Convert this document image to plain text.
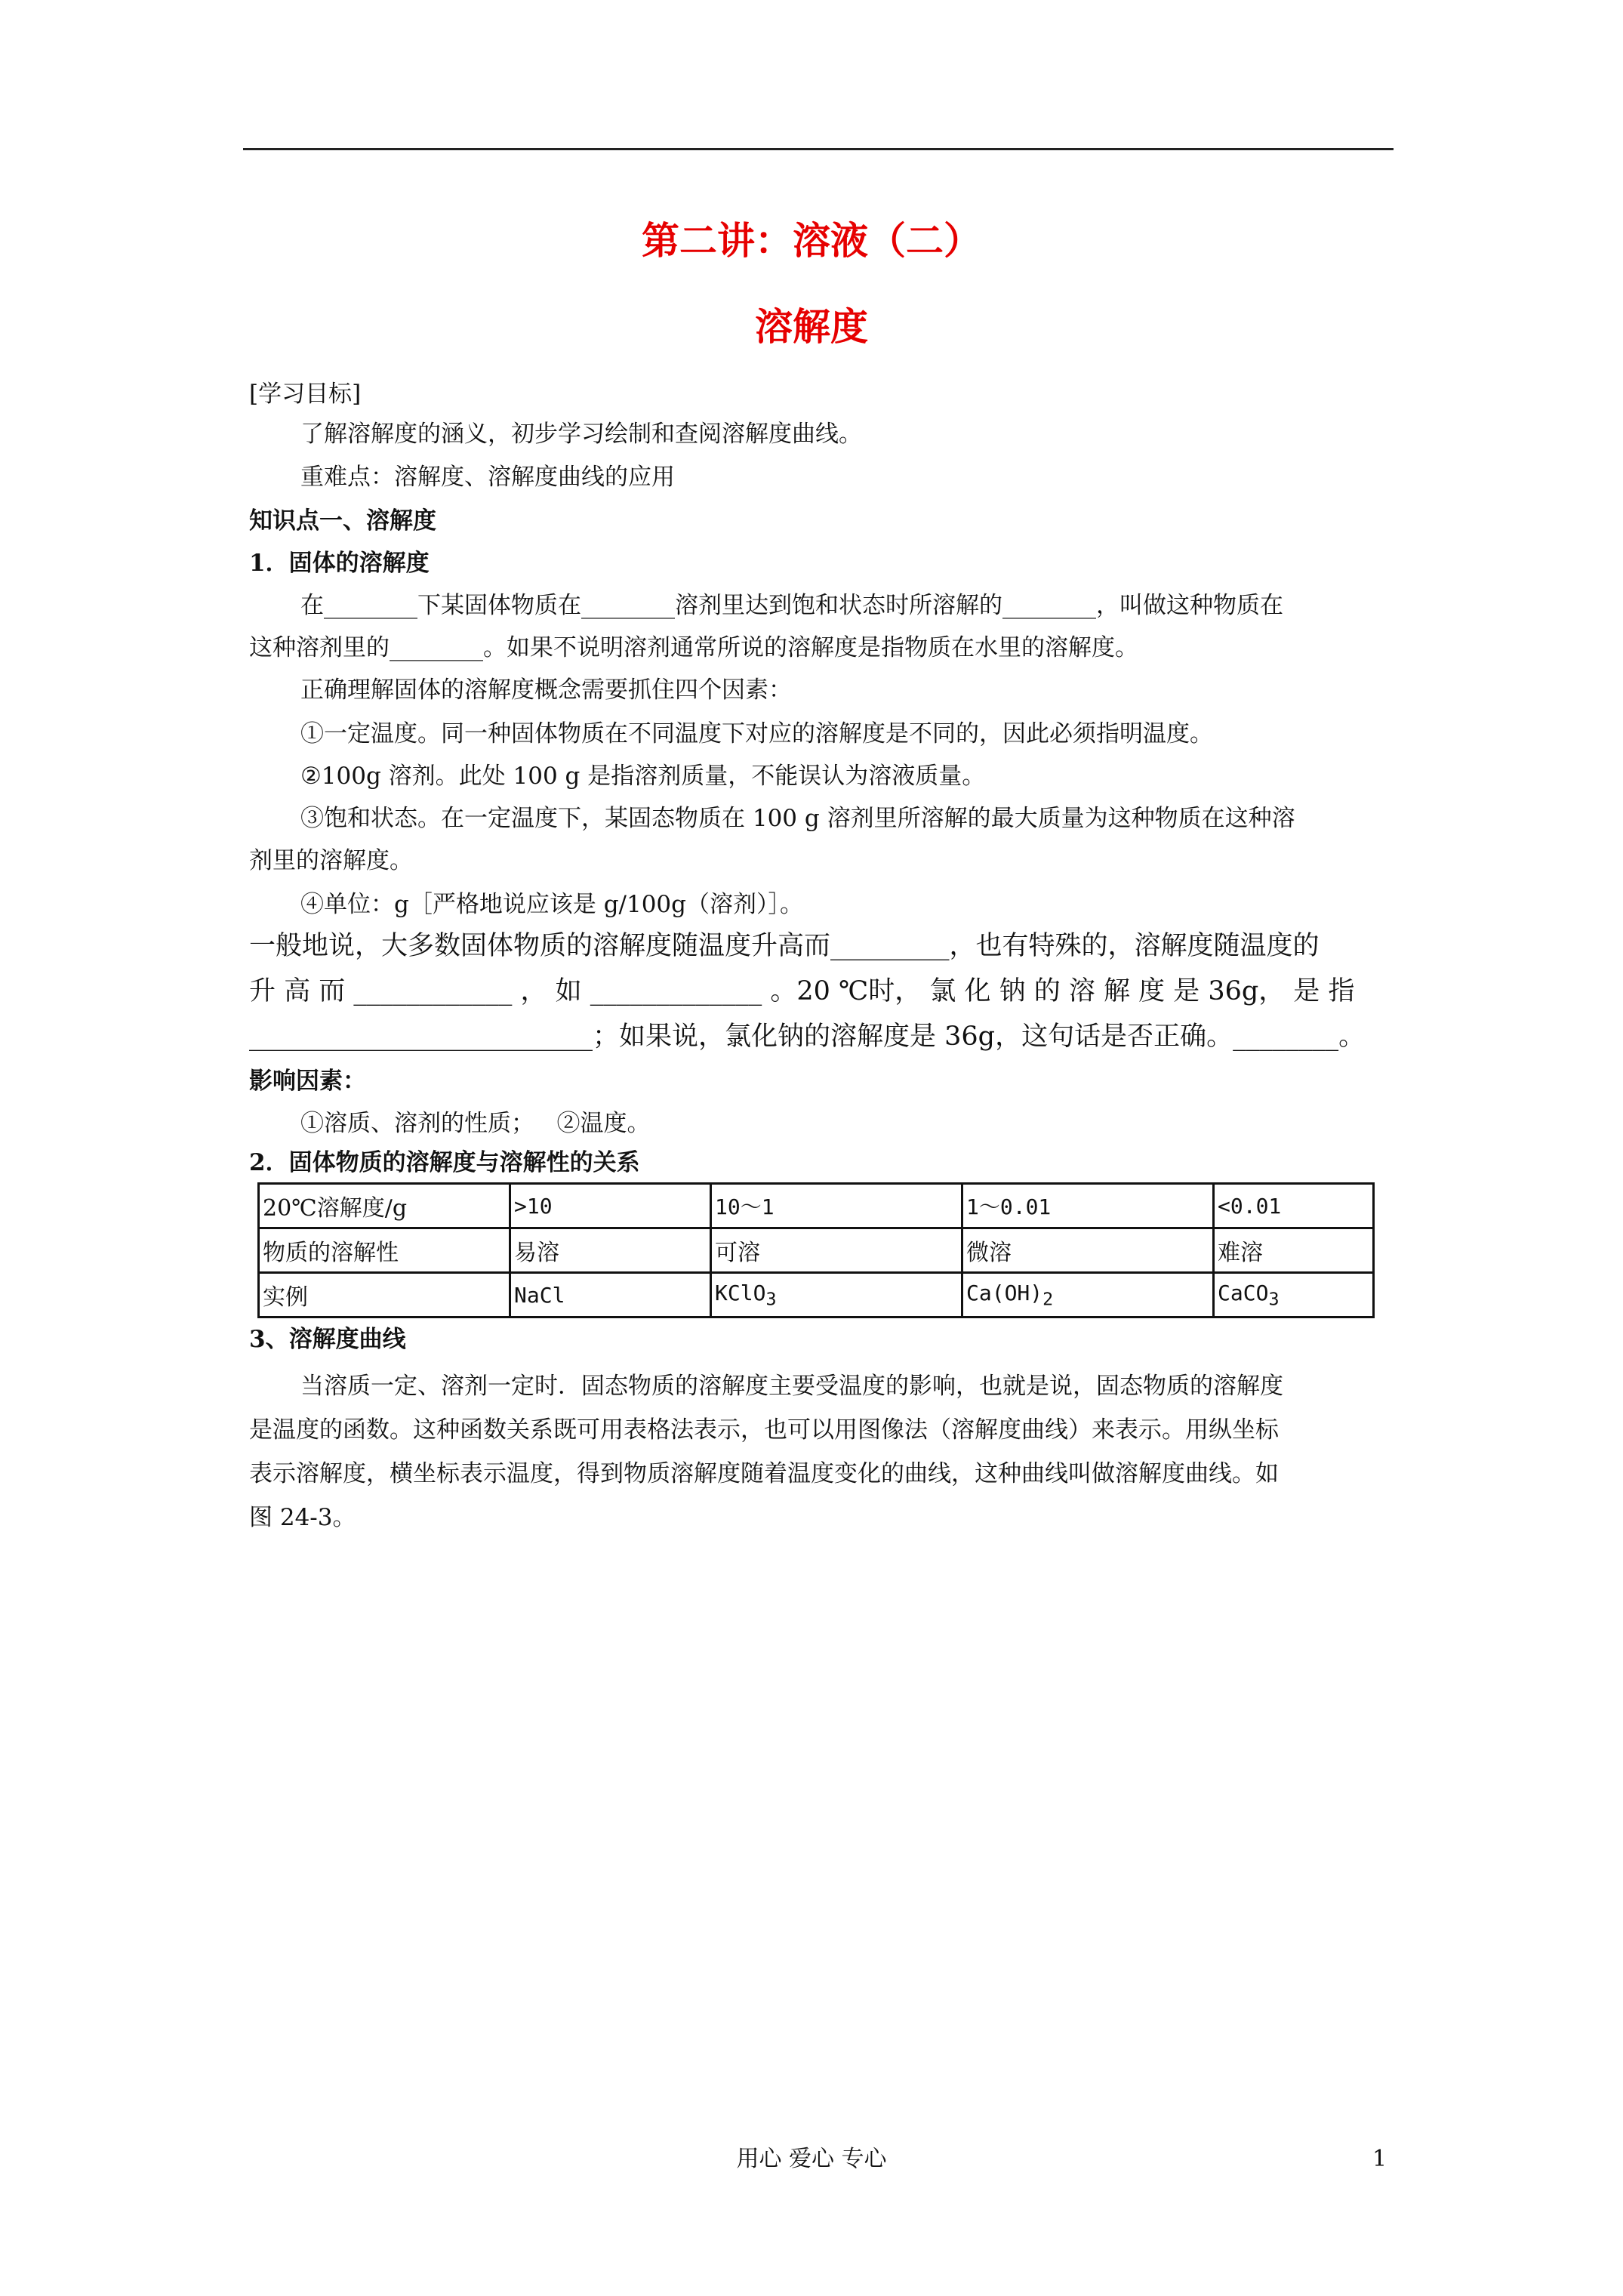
第二讲：溶液（二）
溶解度
[学习目标]
了解溶解度的涵义，初步学习绘制和查阅溶解度曲线。
重难点：溶解度、溶解度曲线的应用
知识点一、溶解度
1．固体的溶解度
在________下某固体物质在________溶剂里达到饱和状态时所溶解的________，叫做这种物质在
这种溶剂里的________。如果不说明溶剂通常所说的溶解度是指物质在水里的溶解度。
正确理解固体的溶解度概念需要抓住四个因素：
①一定温度。同一种固体物质在不同温度下对应的溶解度是不同的，因此必须指明温度。
②100g 溶剂。此处 100 g 是指溶剂质量，不能误认为溶液质量。
③饱和状态。在一定温度下，某固态物质在 100 g 溶剂里所溶解的最大质量为这种物质在这种溶
剂里的溶解度。
④单位：g［严格地说应该是 g/100g（溶剂）］。
一般地说，大多数固体物质的溶解度随温度升高而_________，也有特殊的，溶解度随温度的
升 高 而 ____________ ， 如 _____________ 。20 ℃时， 氯 化 钠 的 溶 解 度 是 36g， 是 指
__________________________；如果说，氯化钠的溶解度是 36g，这句话是否正确。________。
影响因素：
①溶质、溶剂的性质；   ②温度。
2．固体物质的溶解度与溶解性的关系
20℃溶解度/g	>10	10～1	1～0.01	<0.01
物质的溶解性	易溶	可溶	微溶	难溶
实例	NaCl	KClO$_3$	$Ca(OH)_2$	CaCO$_3$
3、溶解度曲线
当溶质一定、溶剂一定时．固态物质的溶解度主要受温度的影响，也就是说，固态物质的溶解度
是温度的函数。这种函数关系既可用表格法表示，也可以用图像法（溶解度曲线）来表示。用纵坐标
表示溶解度，横坐标表示温度，得到物质溶解度随着温度变化的曲线，这种曲线叫做溶解度曲线。如
图 24-3。
用心 爱心 专心	1
